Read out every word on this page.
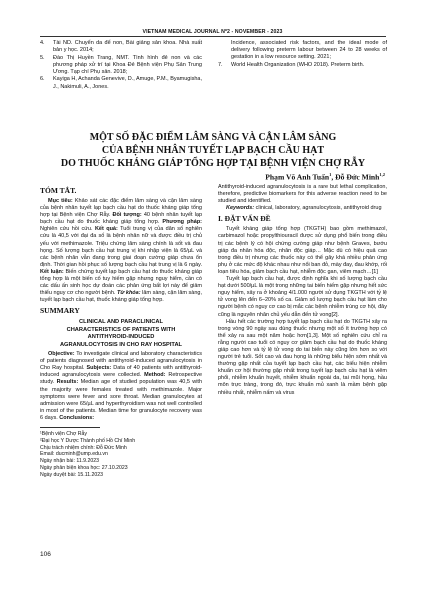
VIETNAM MEDICAL JOURNAL Nº2 - NOVEMBER - 2023
4. Tài ND. Chuyển da để non, Bài giảng sản khoa. Nhà xuất bản y học. 2014;
5. Đào Thị Huyền Trang, NMT. Tình hình đẻ non và các phương pháp xử trí tại Khoa Đẻ Bệnh viện Phụ Sản Trung Ương. Tạp chí Phụ sản. 2018;
6. Kayiga H, Achanda Genevive, D., Amuge, P.M., Byamugisha, J., Nakimuli, A., Jones.
Incidence, associated risk factors, and the ideal mode of delivery following preterm labour between 24 to 28 weeks of gestation in a low resource setting. 2021;
7. World Health Organization (WHO 2018). Preterm birth.
MỘT SỐ ĐẶC ĐIỂM LÂM SÀNG VÀ CẬN LÂM SÀNG
CỦA BỆNH NHÂN TUYẾT LẠP BẠCH CẦU HẠT
DO THUỐC KHÁNG GIÁP TỔNG HỢP TẠI BỆNH VIỆN CHỢ RẪY
Phạm Võ Anh Tuấn$^1$, Đỗ Đức Minh$^{1,2}$
TÓM TẮT.

Mục tiêu: Khảo sát các đặc điểm lâm sàng và cận lâm sàng của bệnh nhân tuyết lạp bạch cầu hạt do thuốc kháng giáp tổng hợp tại Bệnh viện Chợ Rẫy. Đối tượng: 40 bệnh nhân tuyết lạp bạch cầu hạt do thuốc kháng giáp tổng hợp. Phương pháp: Nghiên cứu hồi cứu. Kết quả: Tuổi trung vị của dân số nghiên cứu là 40,5 với đại đa số là bệnh nhân nữ và được điều trị chủ yếu với methimazole. Triệu chứng lâm sàng chính là sốt và đau họng. Số lượng bạch cầu hạt trung vị khi nhập viện là 65/µL và các bệnh nhân vẫn đang trong giai đoạn cường giáp chưa ổn định. Thời gian hồi phục số lượng bạch cầu hạt trung vị là 6 ngày. Kết luận: Biến chứng tuyết lạp bạch cầu hạt do thuốc kháng giáp tổng hợp là một biến cố tuy hiếm gặp nhưng nguy hiểm, cần có các dấu ấn sinh học dự đoán các phản ứng bất lợi này để giảm thiểu nguy cơ cho người bệnh. Từ khóa: lâm sàng, cận lâm sàng, tuyết lạp bạch cầu hạt, thuốc kháng giáp tổng hợp.

SUMMARY
CLINICAL AND PARACLINICAL
CHARACTERISTICS OF PATIENTS WITH
ANTITHYROID-INDUCED
AGRANULOCYTOSIS IN CHO RAY HOSPITAL

Objective: To investigate clinical and laboratory characteristics of patients diagnosed with antithyroid-induced agranulocytosis in Cho Ray hospital. Subjects: Data of 40 patients with antithyroid-induced agranulocytosis were collected. Method: Retrospective study. Results: Median age of studied population was 40,5 with the majority were females treated with methimazole. Major symptoms were fever and sore throat. Median granulocytes at admission were 65/µL and hyperthyroidism was not well controlled in most of the patients. Median time for granulocyte recovery was 6 days. Conclusions:

¹Bệnh viện Chợ Rẫy

²Đại học Y Dược Thành phố Hồ Chí Minh

Chịu trách nhiệm chính: Đỗ Đức Minh

Email: ducminh@ump.edu.vn

Ngày nhận bài: 11.9.2023

Ngày phản biện khoa học: 27.10.2023

Ngày duyệt bài: 15.11.2023

Antithyroid-induced agranulocytosis is a rare but lethal complication, therefore, predictive biomarkers for this adverse reaction need to be studied and identified.

Keywords: clinical, laboratory, agranulocytosis, antithyroid drug

I. ĐẶT VẤN ĐỀ

Tuyết kháng giáp tổng hợp (TKGTH) bao gồm methimazol, carbimazol hoặc propylthiouracil được sử dụng phổ biến trong điều trị các bệnh lý có hội chứng cường giáp như bệnh Graves, bướu giáp đa nhân hóa độc, nhân độc giáp… Mặc dù có hiệu quả cao trong điều trị nhưng các thuốc này có thể gây khá nhiều phản ứng phụ ở các mức độ khác nhau như nổi ban đỏ, mày đay, đau khớp, rối loạn tiêu hóa, giảm bạch cầu hạt, nhiễm độc gan, viêm mạch…[1]

Tuyết lạp bạch cầu hạt, được định nghĩa khi số lượng bạch cầu hạt dưới 500/µL là một trong những tai biến hiếm gặp nhưng hết sức nguy hiểm, xảy ra ở khoảng 4/1.000 người sử dụng TKGTH với tỷ lệ tử vong lên đến 6–20% số ca. Giảm số lượng bạch cầu hạt làm cho người bệnh có nguy cơ cao bị mắc các bệnh nhiễm trùng cơ hội, đây cũng là nguyên nhân chủ yếu dẫn đến tử vong[2].

Hầu hết các trường hợp tuyết lạp bạch cầu hạt do TKGTH xảy ra trong vòng 90 ngày sau dùng thuốc nhưng một số ít trường hợp có thể xảy ra sau một năm hoặc hơn[1,3]. Một số nghiên cứu chỉ ra rằng người cao tuổi có nguy cơ giảm bạch cầu hạt do thuốc kháng giáp cao hơn và tỷ lệ tử vong do tai biến này cũng lớn hơn so với người trẻ tuổi. Sốt cao và đau họng là những biểu hiện sớm nhất và thường gặp nhất của tuyết lạp bạch cầu hạt, các biểu hiện nhiễm khuẩn cơ hội thường gặp nhất trong tuyết lạp bạch cầu hạt là viêm phổi, nhiễm khuẩn huyết, nhiễm khuẩn ngoài da, tai mũi họng, hầu môn trực tràng, trong đó, trực khuẩn mủ xanh là mầm bệnh gặp nhiều nhất, nhiễm nấm và virus

106
